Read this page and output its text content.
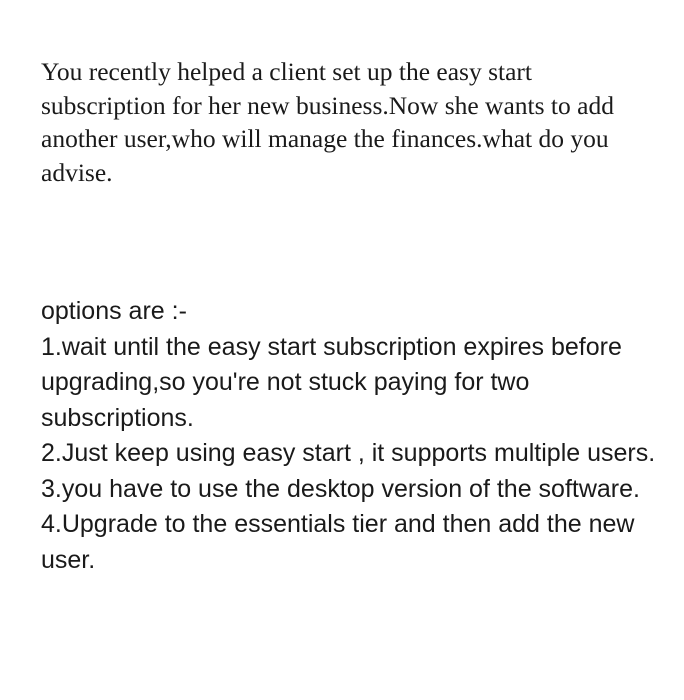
You recently helped a client set up the easy start subscription for her new business.Now she wants to add another user,who will manage the finances.what do you advise.

options are :-
1.wait until the easy start subscription expires before upgrading,so you're not stuck paying for two subscriptions.
2.Just keep using easy start , it supports multiple users.
3.you have to use the desktop version of the software.
4.Upgrade to the essentials tier and then add the new user.
